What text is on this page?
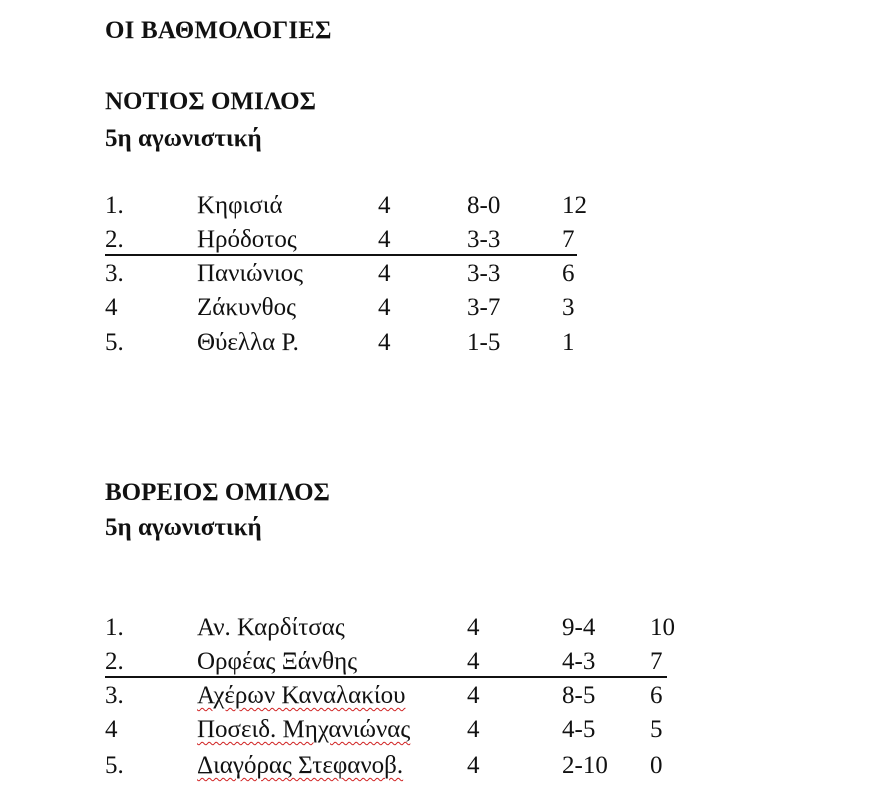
ΟΙ ΒΑΘΜΟΛΟΓΙΕΣ
ΝΟΤΙΟΣ ΟΜΙΛΟΣ
5η αγωνιστική
1.	Κηφισιά	4	8-0 12
2.	Ηρόδοτος	4	3-3 7
3.	Πανιώνιος	4	3-3 6
4	Ζάκυνθος	4	3-7 3
5.	Θύελλα Ρ.	4	1-5 1
ΒΟΡΕΙΟΣ ΟΜΙΛΟΣ
5η αγωνιστική
1.	Αν. Καρδίτσας	4	9-4 10
2.	Ορφέας Ξάνθης	4	4-3 7
3.	Αχέρων Καναλακίου 4	8-5 6
4	Ποσειδ. Μηχανιώνας 4	4-5 5
5.	Διαγόρας Στεφανοβ.	4	2-10 0
